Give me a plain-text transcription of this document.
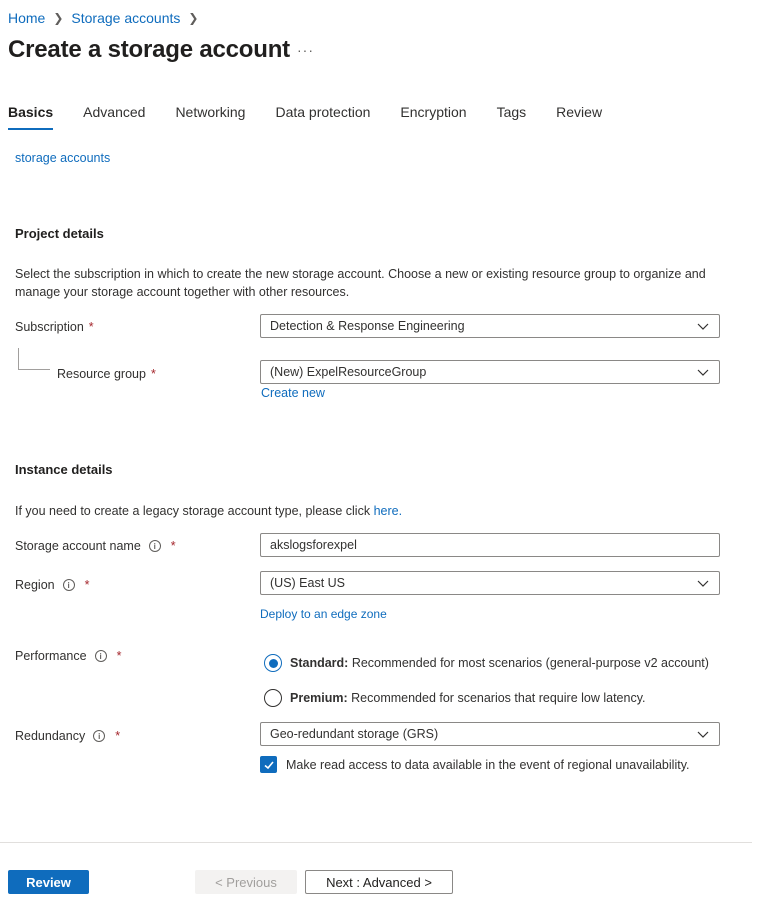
Home ❯ Storage accounts ❯
Create a storage account ···
Basics Advanced Networking Data protection Encryption Tags Review
storage accounts
Project details
Select the subscription in which to create the new storage account. Choose a new or existing resource group to organize and manage your storage account together with other resources.
Subscription *	Detection & Response Engineering
Resource group *	(New) ExpelResourceGroup
Create new
Instance details
If you need to create a legacy storage account type, please click here.
Storage account name	i	*	akslogsforexpel
Region	i	*	(US) East US
Deploy to an edge zone
Performance	i	*	Standard: Recommended for most scenarios (general-purpose v2 account)
Premium: Recommended for scenarios that require low latency.
Redundancy	i	*	Geo-redundant storage (GRS)
Make read access to data available in the event of regional unavailability.
Review	< Previous	Next : Advanced >
